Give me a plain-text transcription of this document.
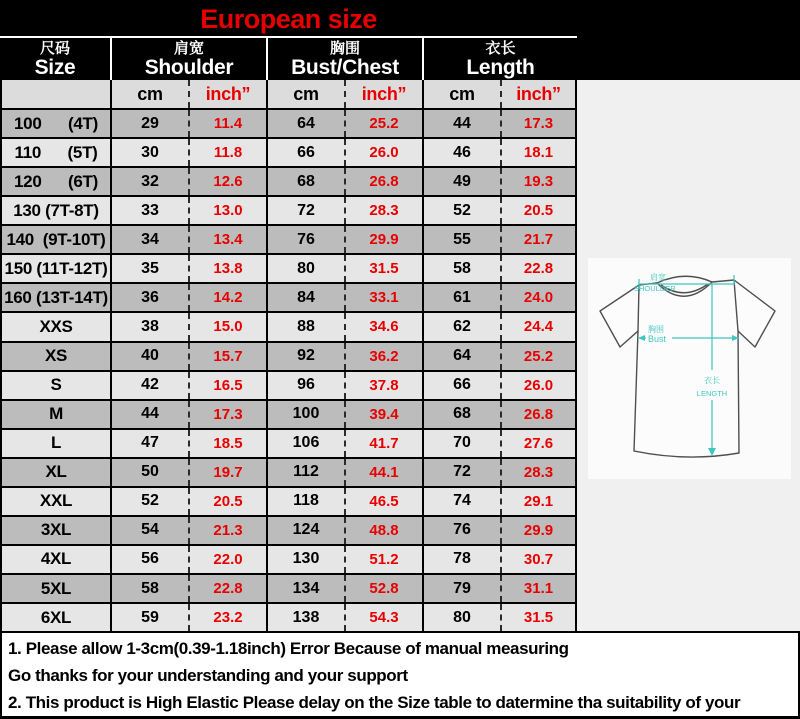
European size
尺码
Size
肩宽
Shoulder
胸围
Bust/Chest
衣长
Length
cm	inch”	cm	inch”	cm	inch”
100      (4T)	29	11.4	64	25.2	44	17.3
110      (5T)	30	11.8	66	26.0	46	18.1
120      (6T)	32	12.6	68	26.8	49	19.3
130 (7T-8T)	33	13.0	72	28.3	52	20.5
140  (9T-10T)	34	13.4	76	29.9	55	21.7
150 (11T-12T)	35	13.8	80	31.5	58	22.8
160 (13T-14T)	36	14.2	84	33.1	61	24.0
XXS	38	15.0	88	34.6	62	24.4
XS	40	15.7	92	36.2	64	25.2
S	42	16.5	96	37.8	66	26.0
M	44	17.3	100	39.4	68	26.8
L	47	18.5	106	41.7	70	27.6
XL	50	19.7	112	44.1	72	28.3
XXL	52	20.5	118	46.5	74	29.1
3XL	54	21.3	124	48.8	76	29.9
4XL	56	22.0	130	51.2	78	30.7
5XL	58	22.8	134	52.8	79	31.1
6XL	59	23.2	138	54.3	80	31.5
肩宽
SHOULDER
胸围
Bust
衣长
LENGTH

1. Please allow 1-3cm(0.39-1.18inch) Error Because of manual measuring

Go thanks for your understanding and your support

2. This product is High Elastic Please delay on the Size table to datermine tha suitability of your
